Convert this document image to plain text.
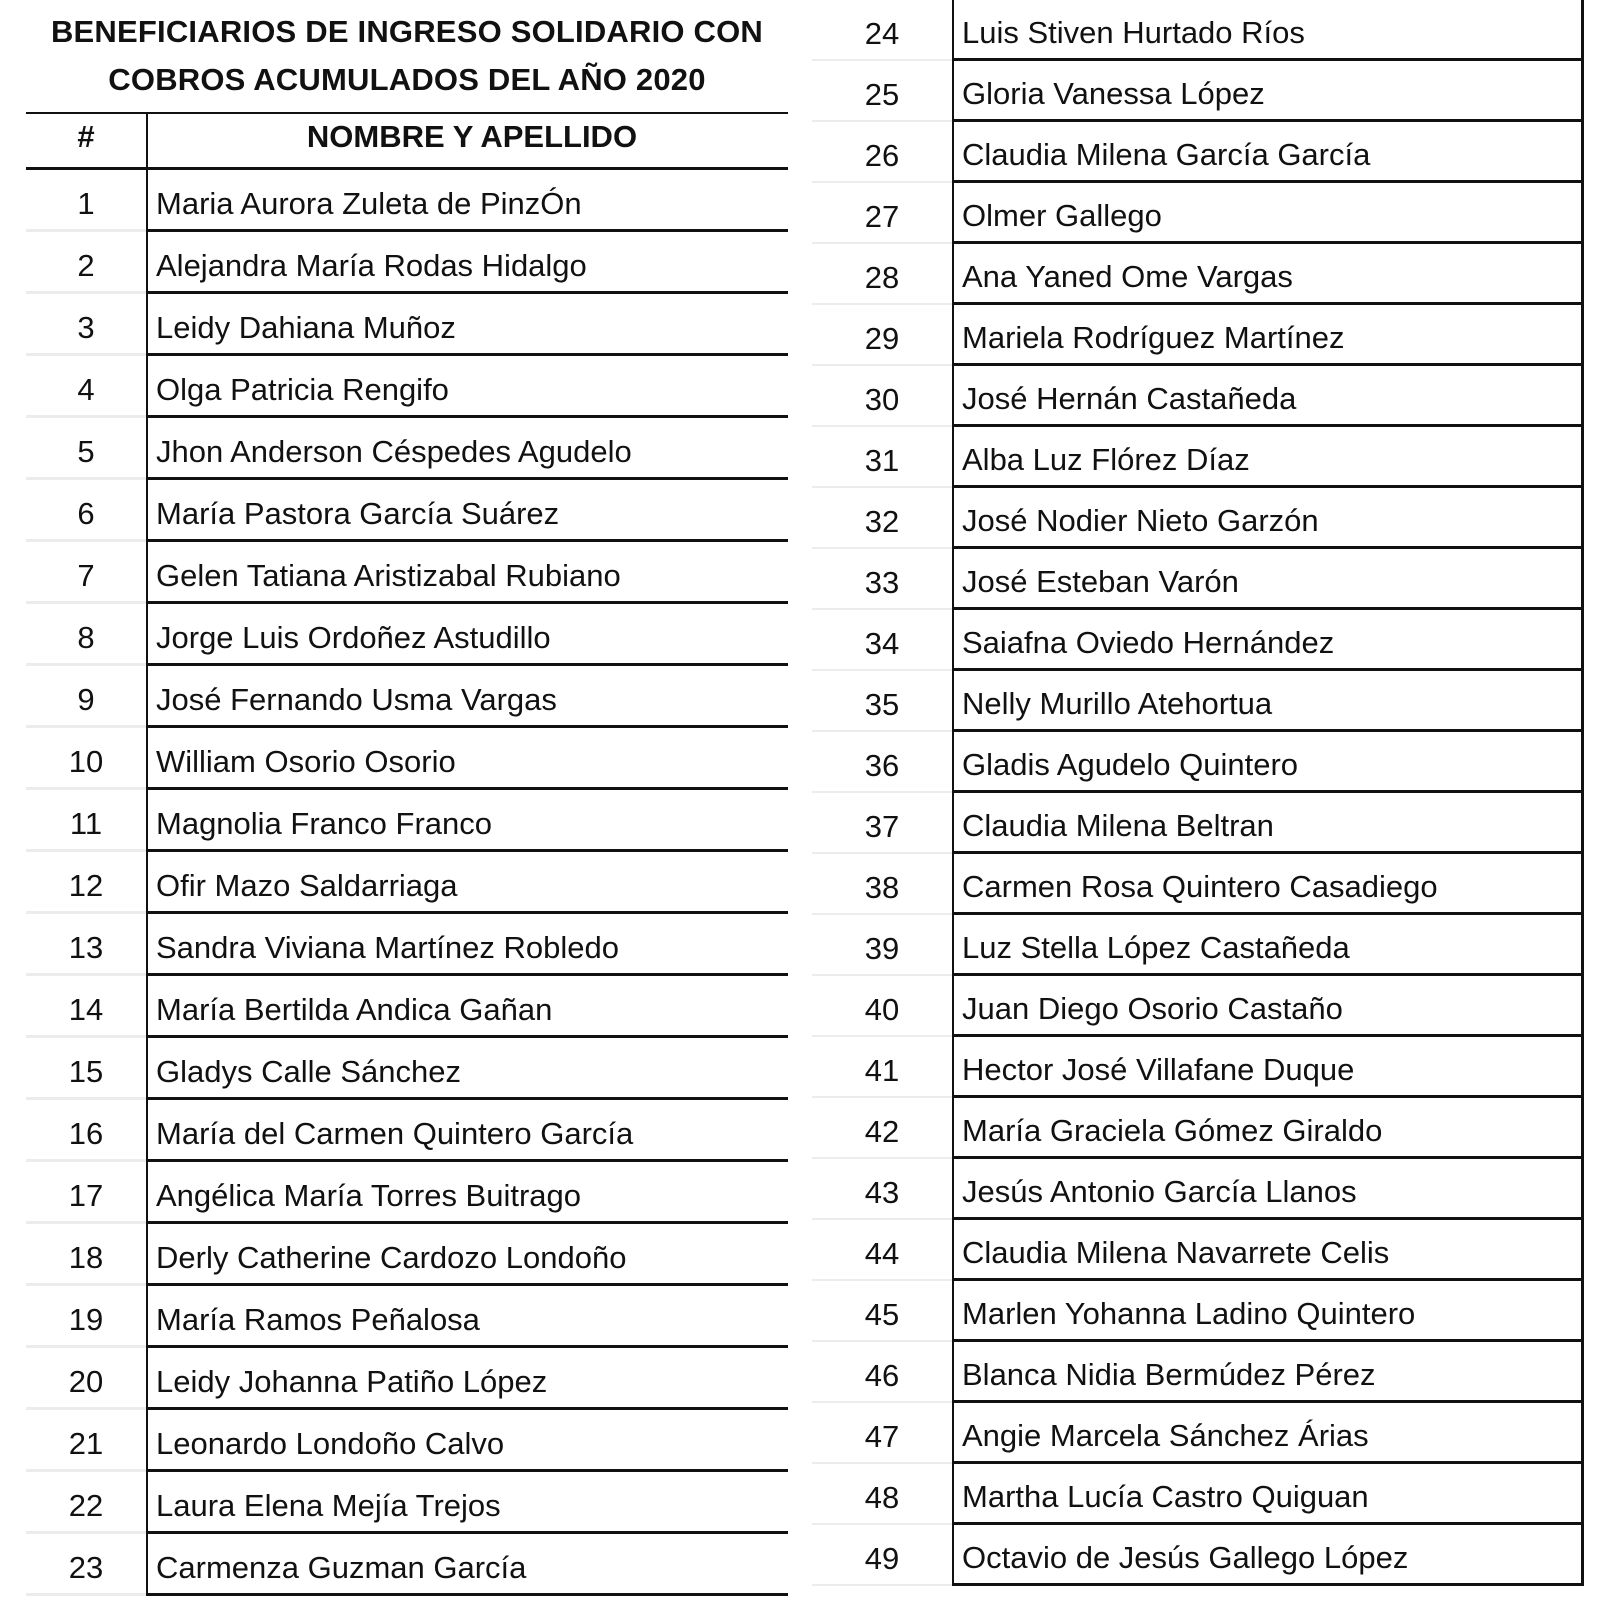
BENEFICIARIOS DE INGRESO SOLIDARIO CON
COBROS ACUMULADOS DEL AÑO 2020
#	NOMBRE Y APELLIDO
1	Maria Aurora Zuleta de PinzÓn
2	Alejandra María Rodas Hidalgo
3	Leidy Dahiana Muñoz
4	Olga Patricia Rengifo
5	Jhon Anderson Céspedes Agudelo
6	María Pastora García Suárez
7	Gelen Tatiana Aristizabal Rubiano
8	Jorge Luis Ordoñez Astudillo
9	José Fernando Usma Vargas
10	William Osorio Osorio
11	Magnolia Franco Franco
12	Ofir Mazo Saldarriaga
13	Sandra Viviana Martínez Robledo
14	María Bertilda Andica Gañan
15	Gladys Calle Sánchez
16	María del Carmen Quintero García
17	Angélica María Torres Buitrago
18	Derly Catherine Cardozo Londoño
19	María Ramos Peñalosa
20	Leidy Johanna Patiño López
21	Leonardo Londoño Calvo
22	Laura Elena Mejía Trejos
23	Carmenza Guzman García
24	Luis Stiven Hurtado Ríos
25	Gloria Vanessa López
26	Claudia Milena García García
27	Olmer Gallego
28	Ana Yaned Ome Vargas
29	Mariela Rodríguez Martínez
30	José Hernán Castañeda
31	Alba Luz Flórez Díaz
32	José Nodier Nieto Garzón
33	José Esteban Varón
34	Saiafna Oviedo Hernández
35	Nelly Murillo Atehortua
36	Gladis Agudelo Quintero
37	Claudia Milena Beltran
38	Carmen Rosa Quintero Casadiego
39	Luz Stella López Castañeda
40	Juan Diego Osorio Castaño
41	Hector José Villafane Duque
42	María Graciela Gómez Giraldo
43	Jesús Antonio García Llanos
44	Claudia Milena Navarrete Celis
45	Marlen Yohanna Ladino Quintero
46	Blanca Nidia Bermúdez Pérez
47	Angie Marcela Sánchez Árias
48	Martha Lucía Castro Quiguan
49	Octavio de Jesús Gallego López
